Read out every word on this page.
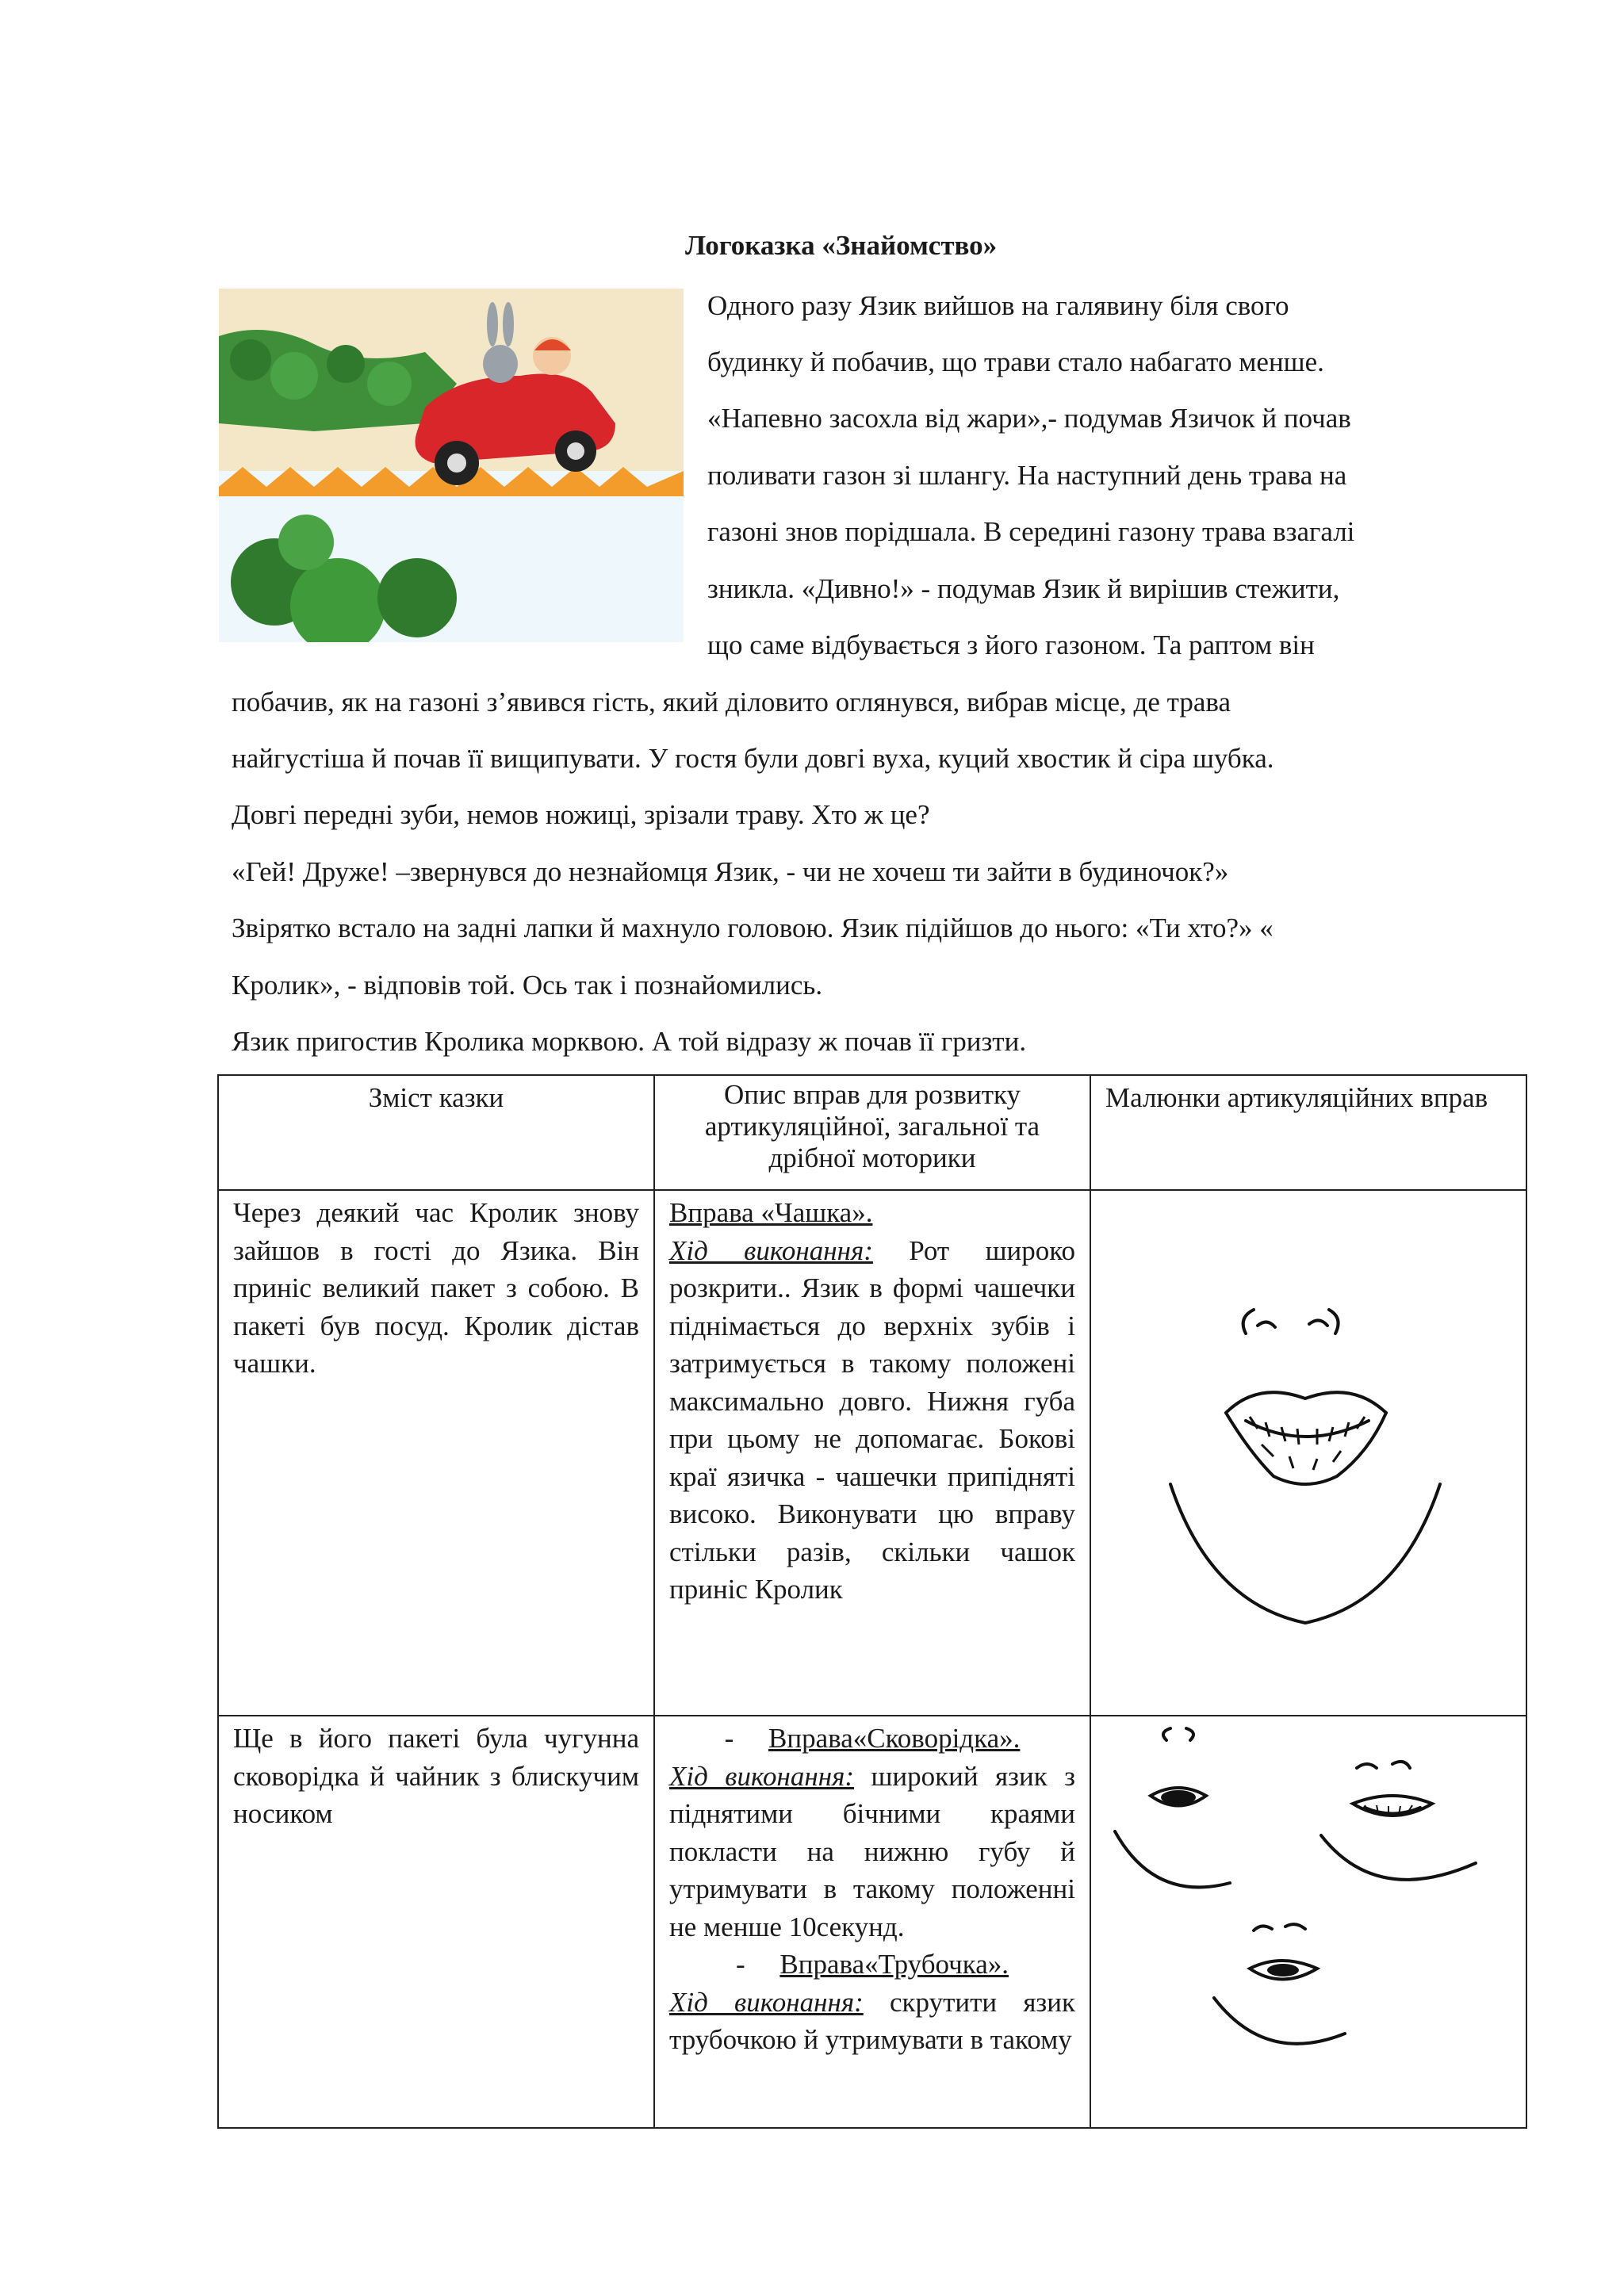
Логоказка «Знайомство»
Одного разу Язик вийшов на галявину біля свого
будинку й побачив, що трави стало набагато менше.
«Напевно засохла від жари»,- подумав Язичок й почав
поливати газон зі шлангу. На наступний день трава на
газоні знов порідшала. В середині газону трава взагалі
зникла. «Дивно!» - подумав Язик й вирішив стежити,
що саме відбувається з його газоном. Та раптом він
побачив, як на газоні з’явився гість, який діловито оглянувся, вибрав місце, де трава
найгустіша й почав її вищипувати. У гостя були довгі вуха, куций хвостик й сіра шубка.
Довгі передні зуби, немов ножиці, зрізали траву. Хто ж це?
«Гей! Друже! –звернувся до незнайомця Язик, - чи не хочеш ти зайти в будиночок?»
Звірятко встало на задні лапки й махнуло головою. Язик підійшов до нього: «Ти хто?» «
Кролик», - відповів той. Ось так і познайомились.
Язик пригостив Кролика морквою. А той відразу ж почав її гризти.
Зміст казки	Опис вправ для розвитку артикуляційної, загальної та дрібної моторики	Малюнки артикуляційних вправ
Через деякий час Кролик знову зайшов в гості до Язика. Він приніс великий пакет з собою. В пакеті був посуд. Кролик дістав чашки.	Вправа «Чашка».
Хід виконання: Рот широко розкрити.. Язик в формі чашечки піднімається до верхніх зубів і затримується в такому положені максимально довго. Нижня губа при цьому не допомагає. Бокові краї язичка - чашечки припідняті високо. Виконувати цю вправу стільки разів, скільки чашок приніс Кролик	

Ще в його пакеті була чугунна сковорідка й чайник з блискучим носиком	- Вправа«Сковорідка».
Хід виконання: широкий язик з піднятими бічними краями покласти на нижню губу й утримувати в такому положенні не менше 10секунд.
- Вправа«Трубочка».
Хід виконання: скрутити язик трубочкою й утримувати в такому	
